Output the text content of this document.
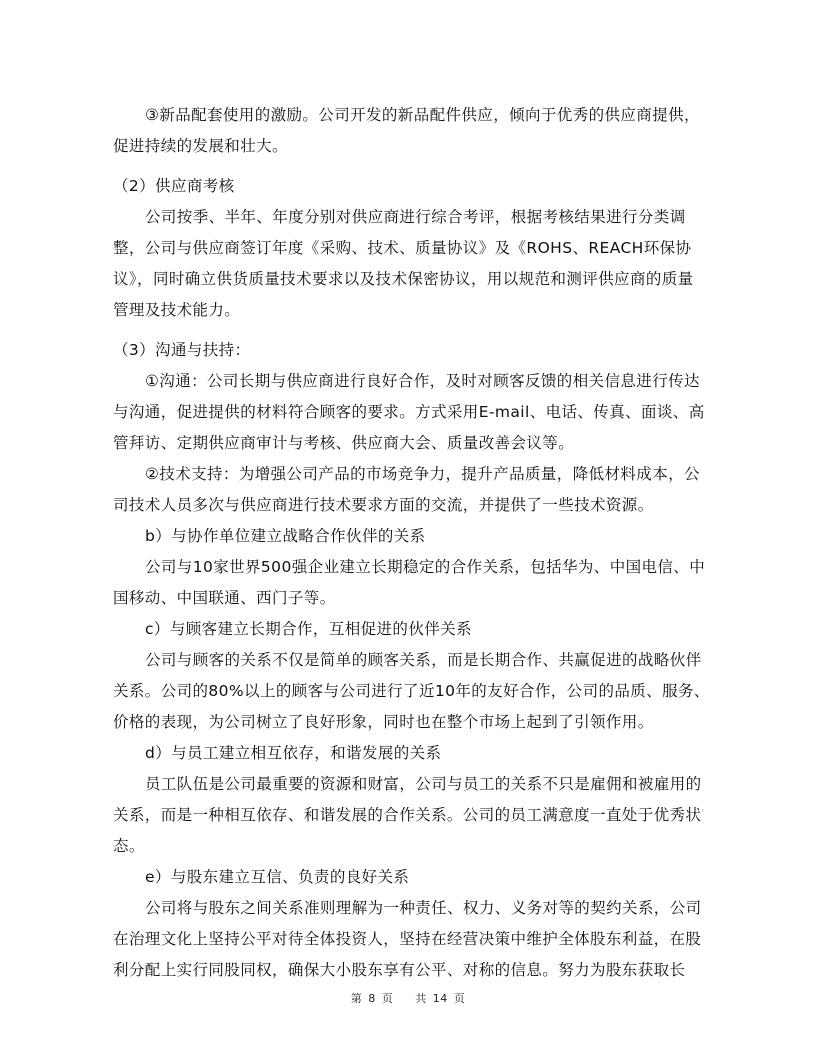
③新品配套使用的激励。公司开发的新品配件供应，倾向于优秀的供应商提供，
促进持续的发展和壮大。
（2）供应商考核
公司按季、半年、年度分别对供应商进行综合考评，根据考核结果进行分类调
整，公司与供应商签订年度《采购、技术、质量协议》及《ROHS、REACH环保协
议》，同时确立供货质量技术要求以及技术保密协议，用以规范和测评供应商的质量
管理及技术能力。
（3）沟通与扶持：
①沟通：公司长期与供应商进行良好合作，及时对顾客反馈的相关信息进行传达
与沟通，促进提供的材料符合顾客的要求。方式采用E-mail、电话、传真、面谈、高
管拜访、定期供应商审计与考核、供应商大会、质量改善会议等。
②技术支持：为增强公司产品的市场竞争力，提升产品质量，降低材料成本，公
司技术人员多次与供应商进行技术要求方面的交流，并提供了一些技术资源。
b）与协作单位建立战略合作伙伴的关系
公司与10家世界500强企业建立长期稳定的合作关系，包括华为、中国电信、中
国移动、中国联通、西门子等。
c）与顾客建立长期合作，互相促进的伙伴关系
公司与顾客的关系不仅是简单的顾客关系，而是长期合作、共赢促进的战略伙伴
关系。公司的80%以上的顾客与公司进行了近10年的友好合作，公司的品质、服务、
价格的表现，为公司树立了良好形象，同时也在整个市场上起到了引领作用。
d）与员工建立相互依存，和谐发展的关系
员工队伍是公司最重要的资源和财富，公司与员工的关系不只是雇佣和被雇用的
关系，而是一种相互依存、和谐发展的合作关系。公司的员工满意度一直处于优秀状
态。
e）与股东建立互信、负责的良好关系
公司将与股东之间关系准则理解为一种责任、权力、义务对等的契约关系，公司
在治理文化上坚持公平对待全体投资人，坚持在经营决策中维护全体股东利益，在股
利分配上实行同股同权，确保大小股东享有公平、对称的信息。努力为股东获取长
第 8 页 共 14 页
